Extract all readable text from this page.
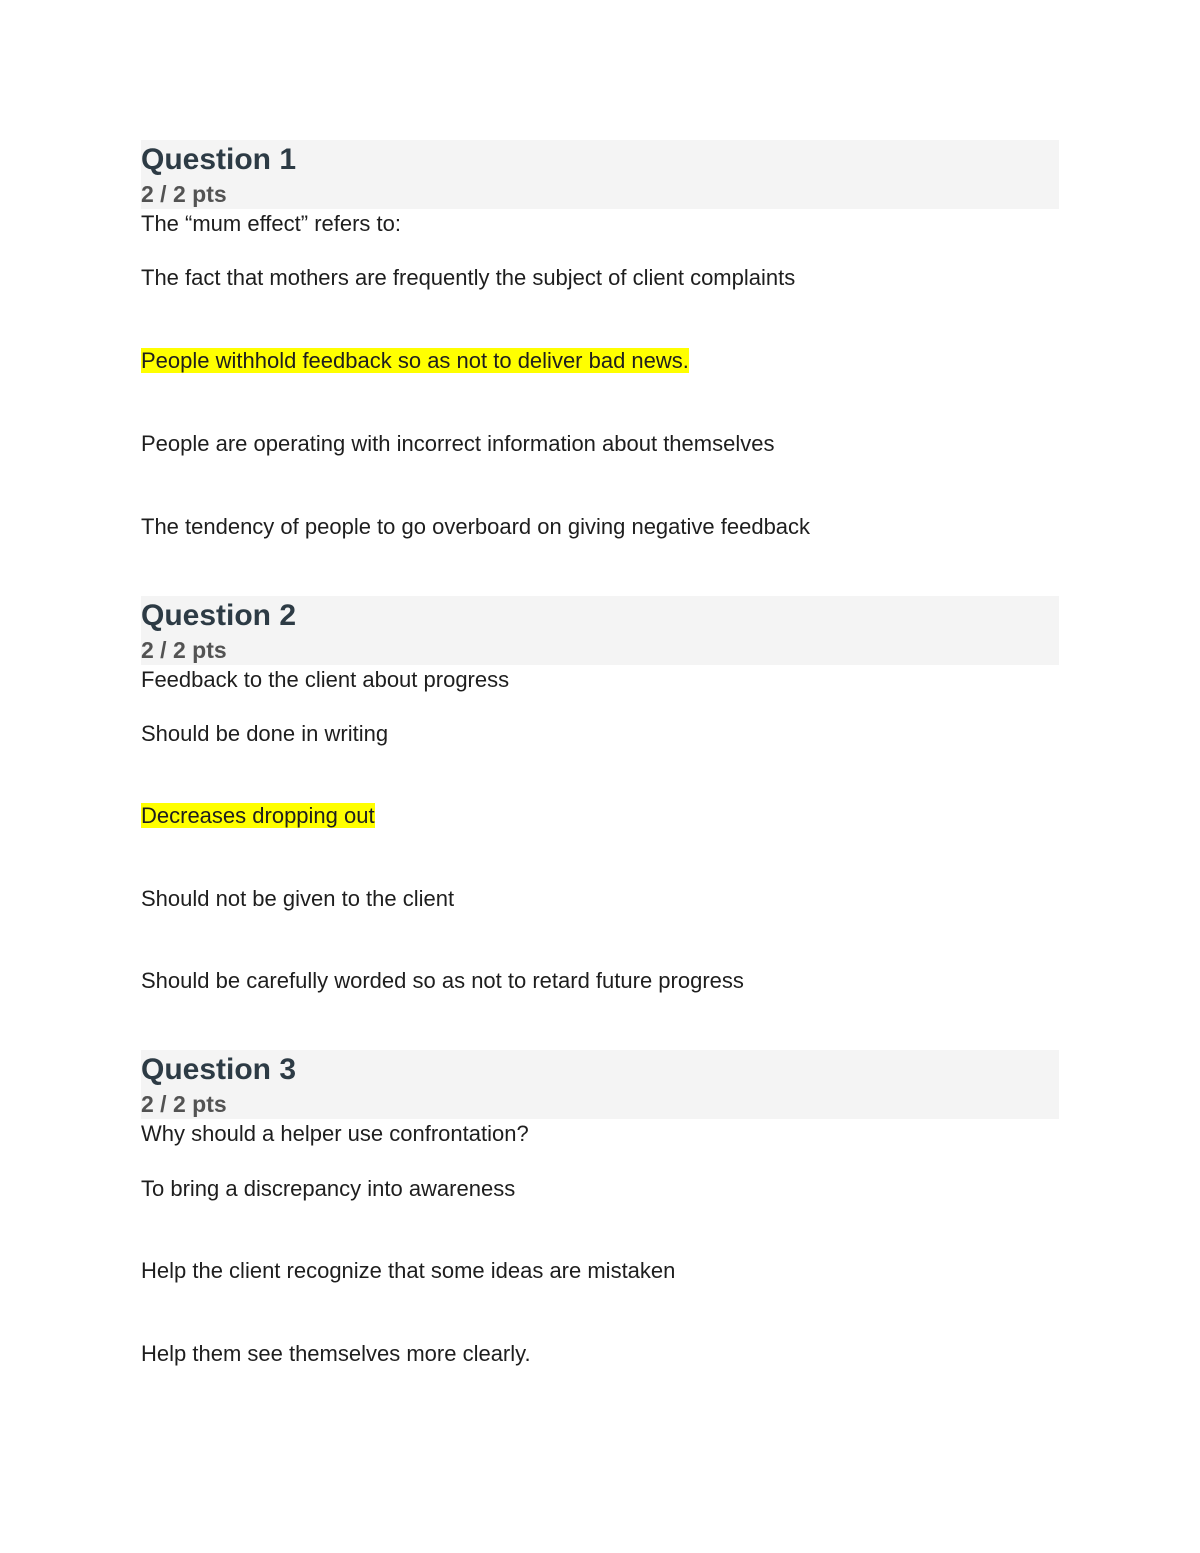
Question 1
2 / 2 pts
The “mum effect” refers to:
The fact that mothers are frequently the subject of client complaints
People withhold feedback so as not to deliver bad news.
People are operating with incorrect information about themselves
The tendency of people to go overboard on giving negative feedback
Question 2
2 / 2 pts
Feedback to the client about progress
Should be done in writing
Decreases dropping out
Should not be given to the client
Should be carefully worded so as not to retard future progress
Question 3
2 / 2 pts
Why should a helper use confrontation?
To bring a discrepancy into awareness
Help the client recognize that some ideas are mistaken
Help them see themselves more clearly.
